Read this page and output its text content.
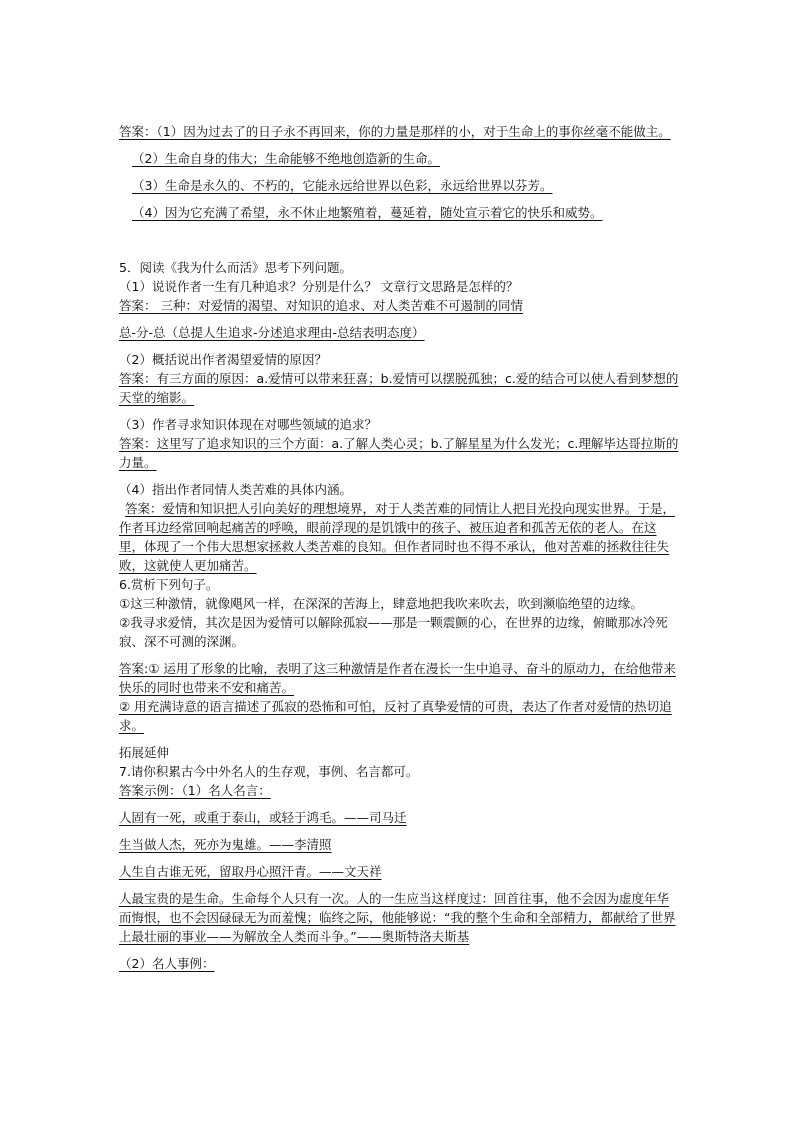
答案：（1）因为过去了的日子永不再回来，你的力量是那样的小，对于生命上的事你丝毫不能做主。

（2）生命自身的伟大；生命能够不绝地创造新的生命。

（3）生命是永久的、不朽的，它能永远给世界以色彩，永远给世界以芬芳。

（4）因为它充满了希望，永不休止地繁殖着，蔓延着，随处宣示着它的快乐和威势。

5．阅读《我为什么而活》思考下列问题。

（1）说说作者一生有几种追求？分别是什么？ 文章行文思路是怎样的？

答案： 三种：对爱情的渴望、对知识的追求、对人类苦难不可遏制的同情

总-分-总（总提人生追求-分述追求理由-总结表明态度）

（2）概括说出作者渴望爱情的原因？

答案：有三方面的原因：a.爱情可以带来狂喜；b.爱情可以摆脱孤独；c.爱的结合可以使人看到梦想的天堂的缩影。

（3）作者寻求知识体现在对哪些领域的追求？

答案：这里写了追求知识的三个方面：a.了解人类心灵；b.了解星星为什么发光；c.理解毕达哥拉斯的力量。

（4）指出作者同情人类苦难的具体内涵。

答案：爱情和知识把人引向美好的理想境界，对于人类苦难的同情让人把目光投向现实世界。于是，作者耳边经常回响起痛苦的呼唤，眼前浮现的是饥饿中的孩子、被压迫者和孤苦无依的老人。在这里，体现了一个伟大思想家拯救人类苦难的良知。但作者同时也不得不承认，他对苦难的拯救往往失败，这就使人更加痛苦。

6.赏析下列句子。

①这三种激情，就像飓风一样，在深深的苦海上，肆意地把我吹来吹去，吹到濒临绝望的边缘。

②我寻求爱情，其次是因为爱情可以解除孤寂——那是一颗震颤的心，在世界的边缘，俯瞰那冰冷死寂、深不可测的深渊。

答案:① 运用了形象的比喻，表明了这三种激情是作者在漫长一生中追寻、奋斗的原动力，在给他带来快乐的同时也带来不安和痛苦。

② 用充满诗意的语言描述了孤寂的恐怖和可怕，反衬了真挚爱情的可贵，表达了作者对爱情的热切追求。

拓展延伸

7.请你积累古今中外名人的生存观，事例、名言都可。

答案示例：（1）名人名言：

人固有一死，或重于泰山，或轻于鸿毛。——司马迁

生当做人杰，死亦为鬼雄。——李清照

人生自古谁无死，留取丹心照汗青。——文天祥

人最宝贵的是生命。生命每个人只有一次。人的一生应当这样度过：回首往事，他不会因为虚度年华而悔恨，也不会因碌碌无为而羞愧；临终之际，他能够说：“我的整个生命和全部精力，都献给了世界上最壮丽的事业——为解放全人类而斗争。”——奥斯特洛夫斯基

（2）名人事例：
